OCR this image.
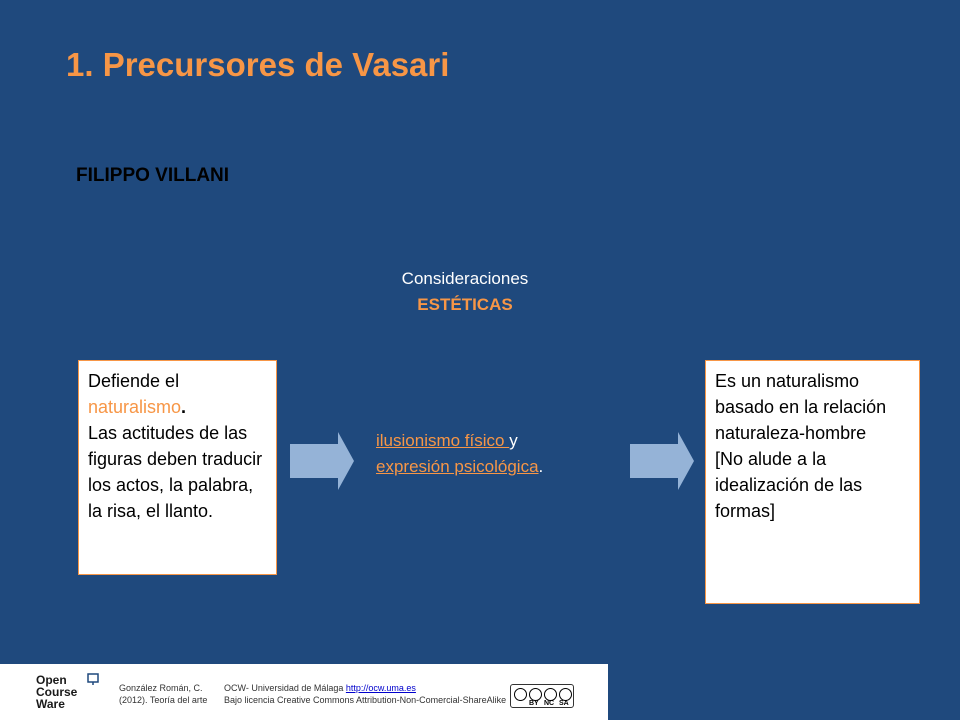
1. Precursores de Vasari
FILIPPO VILLANI
Consideraciones
ESTÉTICAS
Defiende el naturalismo.
Las actitudes de las figuras deben traducir los actos, la palabra, la risa, el llanto.
ilusionismo físico y
expresión psicológica.
Es un naturalismo basado en la relación naturaleza-hombre
[No alude a la idealización de las formas]
Open
Course
Ware
González Román, C.
(2012). Teoría del arte
OCW- Universidad de Málaga http://ocw.uma.es
Bajo licencia Creative Commons Attribution-Non-Comercial-ShareAlike	BY NC SA
